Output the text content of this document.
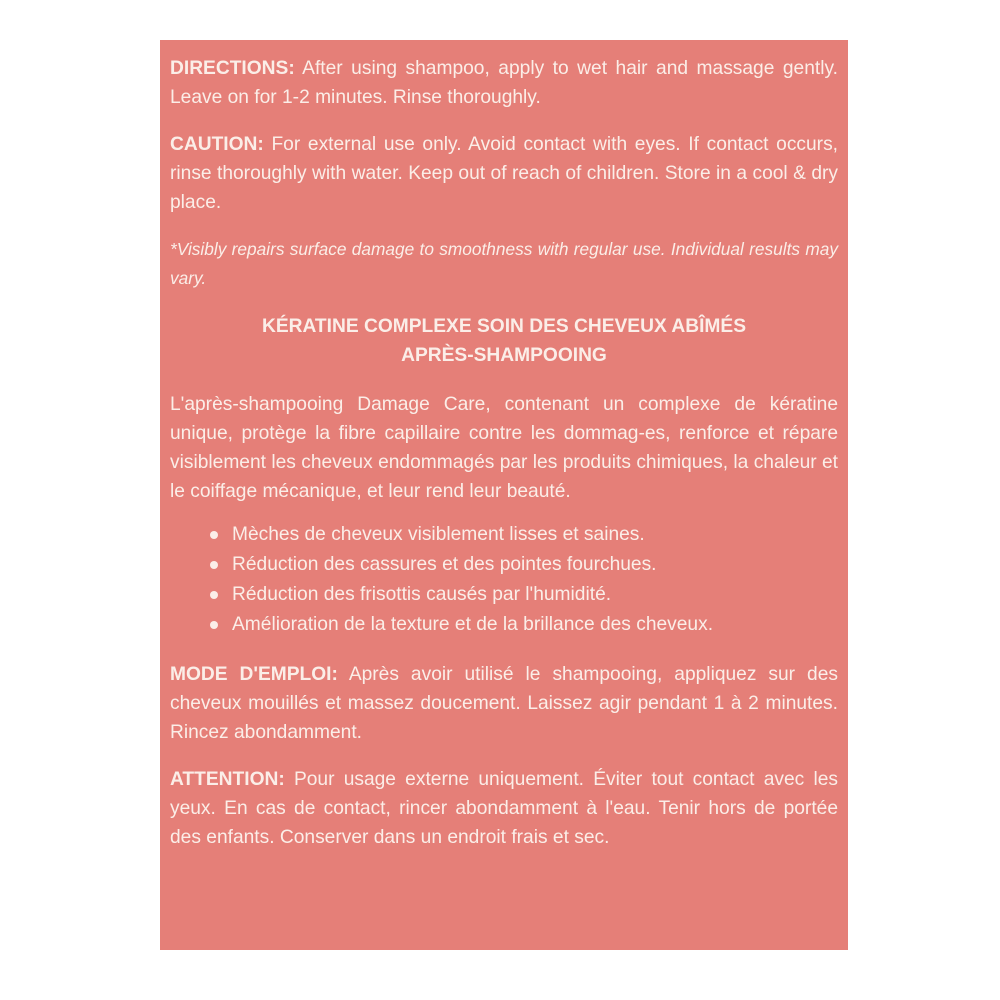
DIRECTIONS: After using shampoo, apply to wet hair and massage gently. Leave on for 1-2 minutes. Rinse thoroughly.

CAUTION: For external use only. Avoid contact with eyes. If contact occurs, rinse thoroughly with water. Keep out of reach of children. Store in a cool & dry place.

*Visibly repairs surface damage to smoothness with regular use. Individual results may vary.

KÉRATINE COMPLEXE SOIN DES CHEVEUX ABÎMÉS
APRÈS-SHAMPOOING

L'après-shampooing Damage Care, contenant un complexe de kératine unique, protège la fibre capillaire contre les dommag-es, renforce et répare visiblement les cheveux endommagés par les produits chimiques, la chaleur et le coiffage mécanique, et leur rend leur beauté.

Mèches de cheveux visiblement lisses et saines.
Réduction des cassures et des pointes fourchues.
Réduction des frisottis causés par l'humidité.
Amélioration de la texture et de la brillance des cheveux.

MODE D'EMPLOI: Après avoir utilisé le shampooing, appliquez sur des cheveux mouillés et massez doucement. Laissez agir pendant 1 à 2 minutes. Rincez abondamment.

ATTENTION: Pour usage externe uniquement. Éviter tout contact avec les yeux. En cas de contact, rincer abondamment à l'eau. Tenir hors de portée des enfants. Conserver dans un endroit frais et sec.
